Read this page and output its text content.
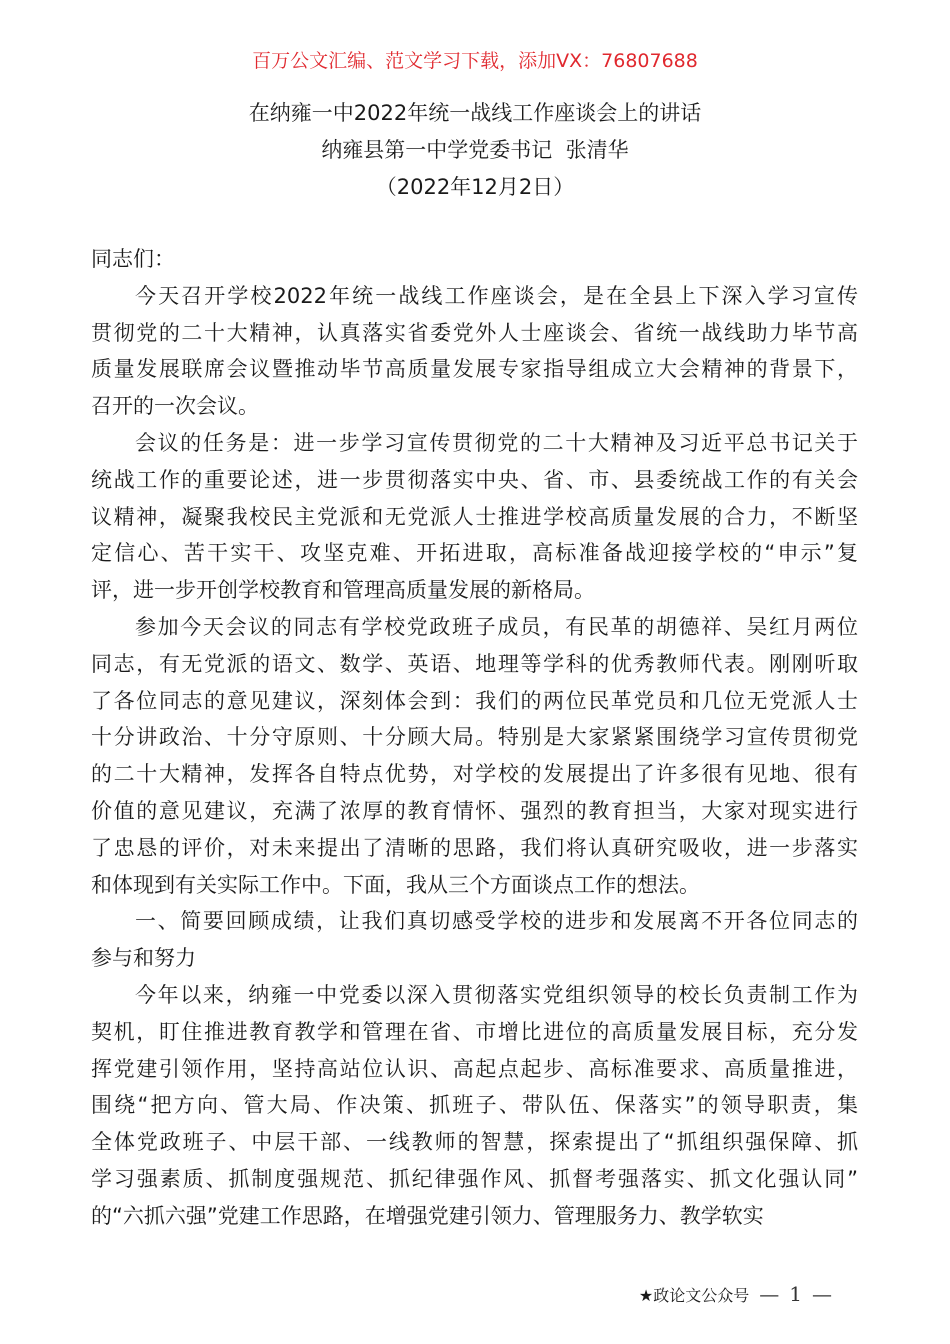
百万公文汇编、范文学习下载，添加VX：76807688
在纳雍一中2022年统一战线工作座谈会上的讲话
纳雍县第一中学党委书记  张清华
（2022年12月2日）
同志们：
今天召开学校2022年统一战线工作座谈会，是在全县上下深入学习宣传
贯彻党的二十大精神，认真落实省委党外人士座谈会、省统一战线助力毕节高
质量发展联席会议暨推动毕节高质量发展专家指导组成立大会精神的背景下，
召开的一次会议。
会议的任务是：进一步学习宣传贯彻党的二十大精神及习近平总书记关于
统战工作的重要论述，进一步贯彻落实中央、省、市、县委统战工作的有关会
议精神，凝聚我校民主党派和无党派人士推进学校高质量发展的合力，不断坚
定信心、苦干实干、攻坚克难、开拓进取，高标准备战迎接学校的“申示”复
评，进一步开创学校教育和管理高质量发展的新格局。
参加今天会议的同志有学校党政班子成员，有民革的胡德祥、吴红月两位
同志，有无党派的语文、数学、英语、地理等学科的优秀教师代表。刚刚听取
了各位同志的意见建议，深刻体会到：我们的两位民革党员和几位无党派人士
十分讲政治、十分守原则、十分顾大局。特别是大家紧紧围绕学习宣传贯彻党
的二十大精神，发挥各自特点优势，对学校的发展提出了许多很有见地、很有
价值的意见建议，充满了浓厚的教育情怀、强烈的教育担当，大家对现实进行
了忠恳的评价，对未来提出了清晰的思路，我们将认真研究吸收，进一步落实
和体现到有关实际工作中。下面，我从三个方面谈点工作的想法。
一、简要回顾成绩，让我们真切感受学校的进步和发展离不开各位同志的
参与和努力
今年以来，纳雍一中党委以深入贯彻落实党组织领导的校长负责制工作为
契机，盯住推进教育教学和管理在省、市增比进位的高质量发展目标，充分发
挥党建引领作用，坚持高站位认识、高起点起步、高标准要求、高质量推进，
围绕“把方向、管大局、作决策、抓班子、带队伍、保落实”的领导职责，集
全体党政班子、中层干部、一线教师的智慧，探索提出了“抓组织强保障、抓
学习强素质、抓制度强规范、抓纪律强作风、抓督考强落实、抓文化强认同”
的“六抓六强”党建工作思路，在增强党建引领力、管理服务力、教学软实
★政论文公众号 — 1 —
